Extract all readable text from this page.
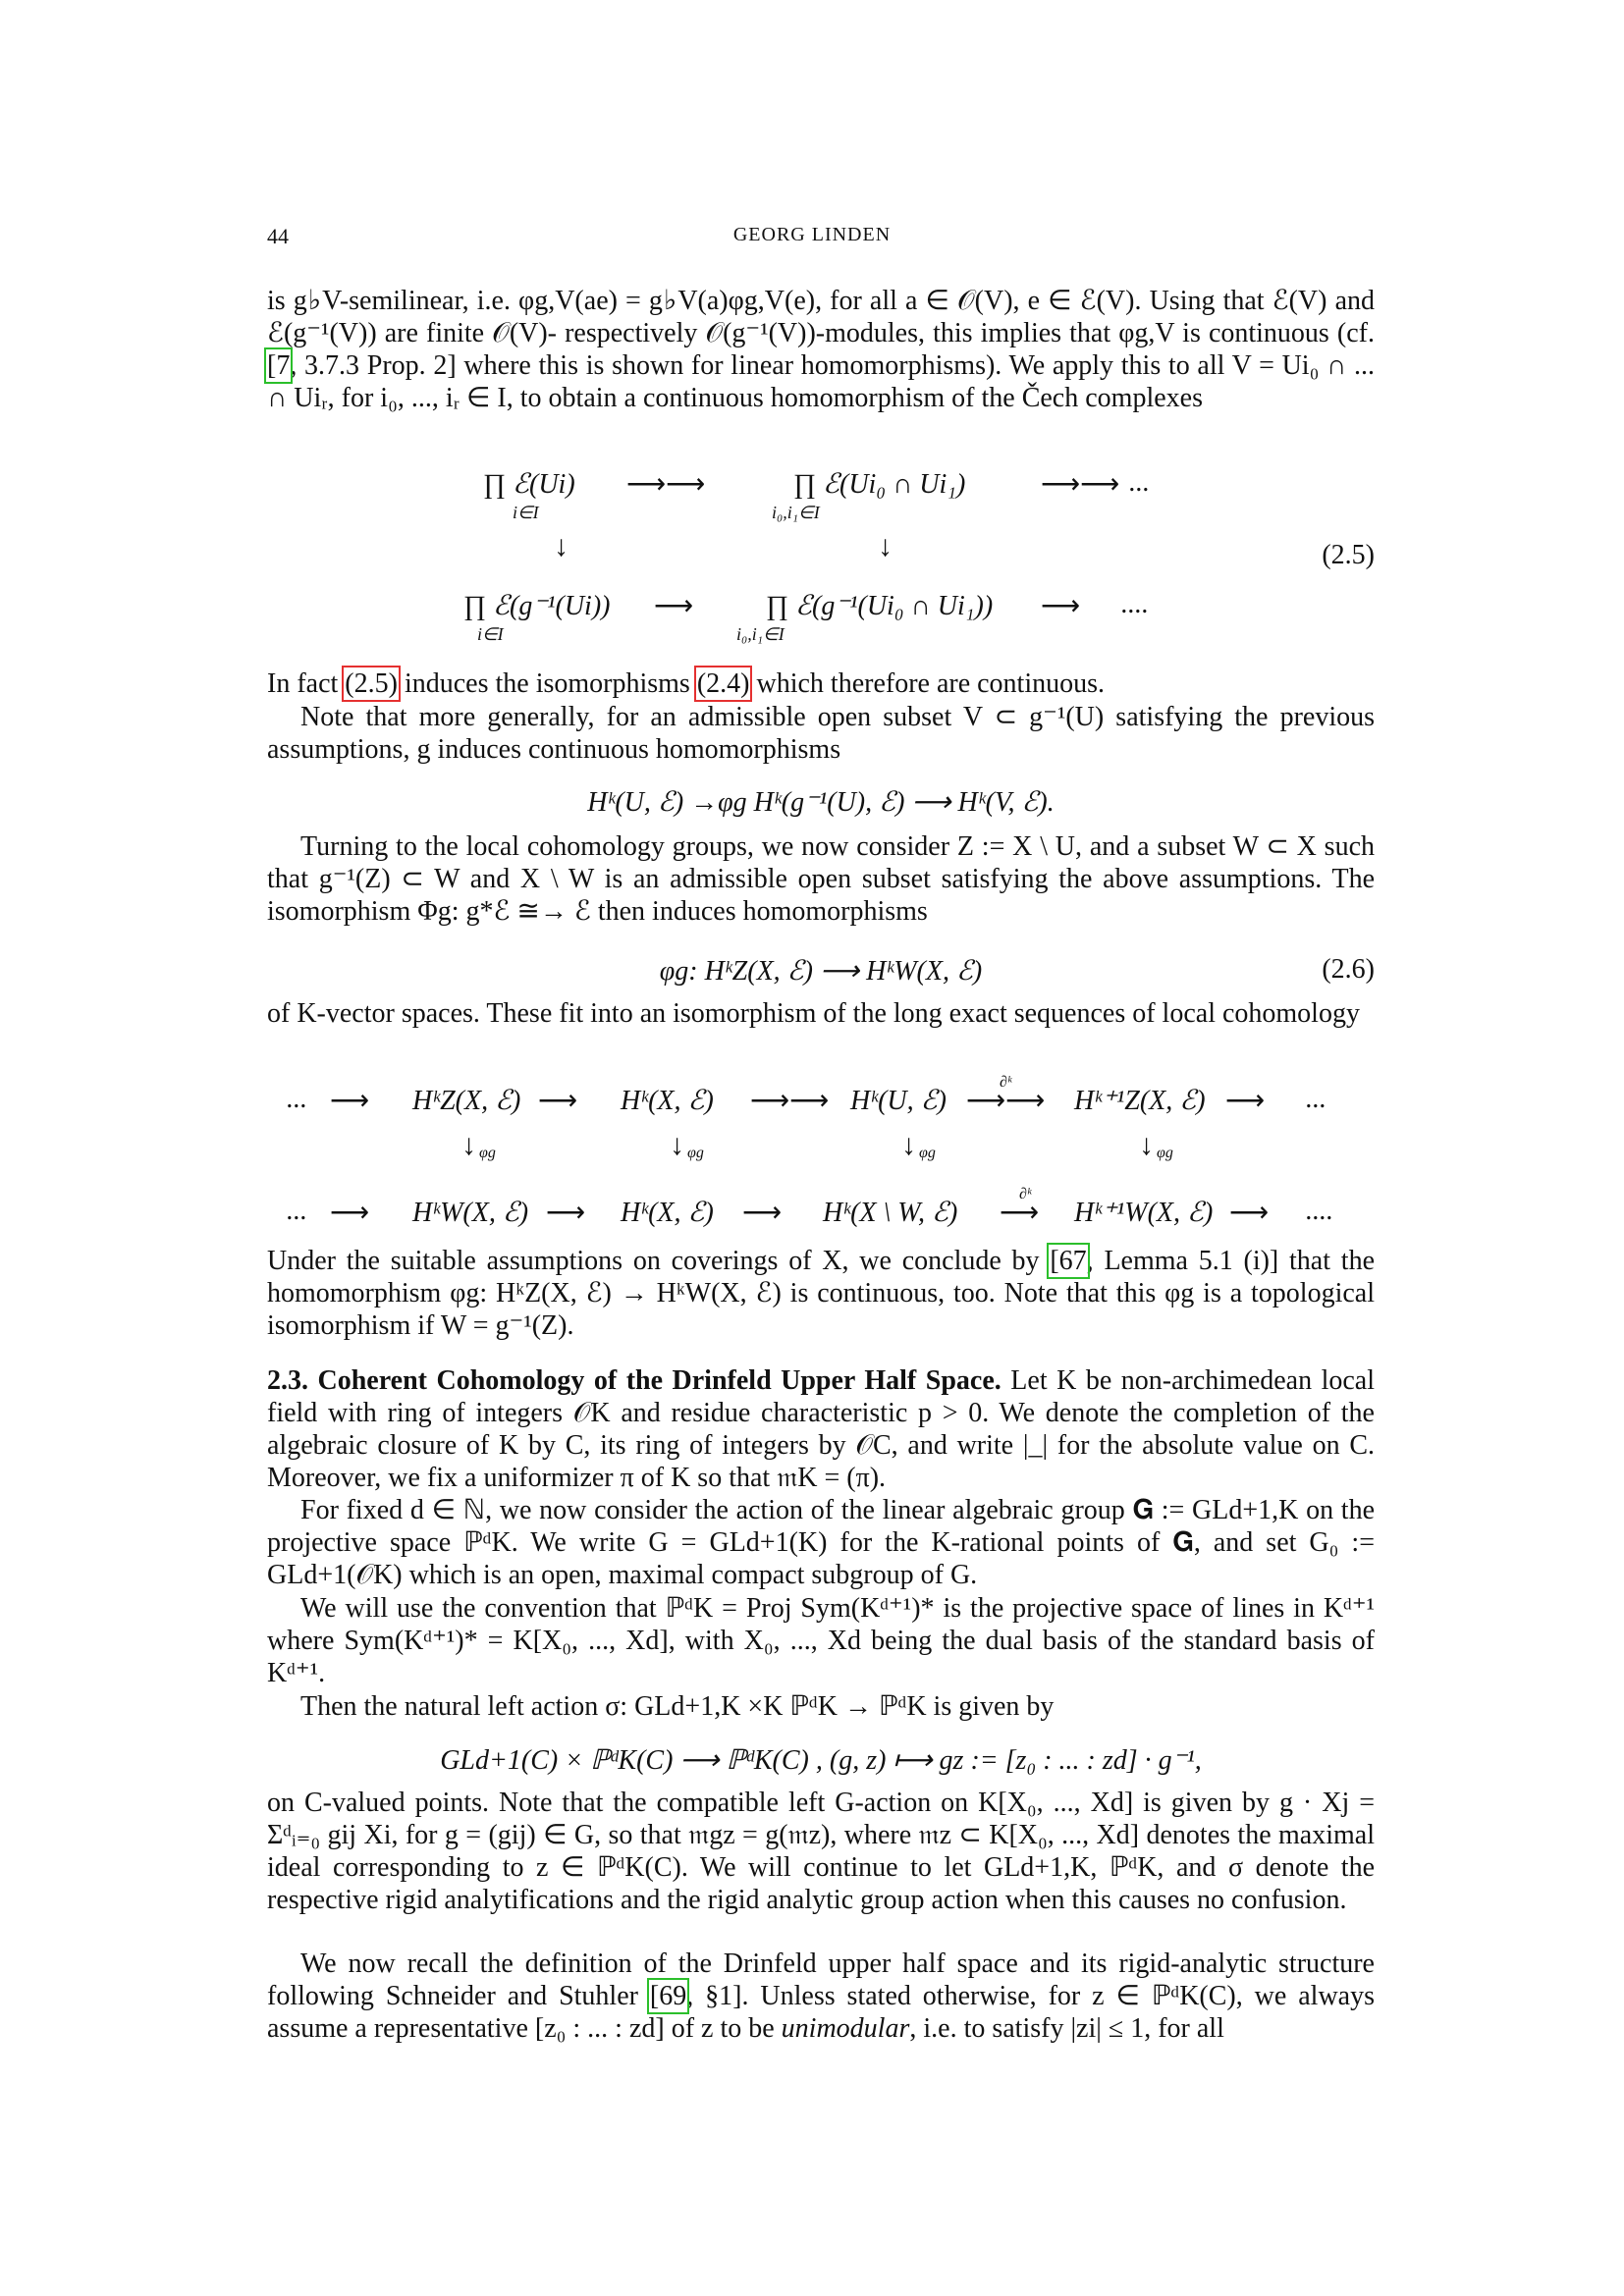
44	GEORG LINDEN
is g♭V-semilinear, i.e. φg,V(ae) = g♭V(a)φg,V(e), for all a ∈ 𝒪(V), e ∈ ℰ(V). Using that ℰ(V) and ℰ(g⁻¹(V)) are finite 𝒪(V)- respectively 𝒪(g⁻¹(V))-modules, this implies that φg,V is continuous (cf. [7, 3.7.3 Prop. 2] where this is shown for linear homomorphisms). We apply this to all V = Ui₀ ∩ ... ∩ Uiᵣ, for i₀, ..., iᵣ ∈ I, to obtain a continuous homomorphism of the Čech complexes
∏ ℰ(Ui)
i∈I
⟶⟶	∏ ℰ(Ui₀ ∩ Ui₁)
i₀,i₁∈I
⟶⟶ ...
↓	↓	(2.5)
∏ ℰ(g⁻¹(Ui))
i∈I
⟶	∏ ℰ(g⁻¹(Ui₀ ∩ Ui₁))
i₀,i₁∈I
⟶ ....
In fact (2.5) induces the isomorphisms (2.4) which therefore are continuous.
Note that more generally, for an admissible open subset V ⊂ g⁻¹(U) satisfying the previous assumptions, g induces continuous homomorphisms
Hᵏ(U, ℰ) →φg Hᵏ(g⁻¹(U), ℰ) ⟶ Hᵏ(V, ℰ).
Turning to the local cohomology groups, we now consider Z := X \ U, and a subset W ⊂ X such that g⁻¹(Z) ⊂ W and X \ W is an admissible open subset satisfying the above assumptions. The isomorphism Φg: g*ℰ ≅→ ℰ then induces homomorphisms
φg: HᵏZ(X, ℰ) ⟶ HᵏW(X, ℰ)	(2.6)
of K-vector spaces. These fit into an isomorphism of the long exact sequences of local cohomology
... ⟶ HᵏZ(X, ℰ) ⟶ Hᵏ(X, ℰ) ⟶⟶ Hᵏ(U, ℰ)
∂ᵏ
⟶⟶ Hᵏ⁺¹Z(X, ℰ) ⟶ ...
↓ φg	↓ φg	↓ φg	↓ φg
... ⟶ HᵏW(X, ℰ) ⟶ Hᵏ(X, ℰ) ⟶ Hᵏ(X \ W, ℰ)
∂ᵏ
⟶ Hᵏ⁺¹W(X, ℰ) ⟶ ....
Under the suitable assumptions on coverings of X, we conclude by [67, Lemma 5.1 (i)] that the homomorphism φg: HᵏZ(X, ℰ) → HᵏW(X, ℰ) is continuous, too. Note that this φg is a topological isomorphism if W = g⁻¹(Z).
2.3. Coherent Cohomology of the Drinfeld Upper Half Space. Let K be non-archimedean local field with ring of integers 𝒪K and residue characteristic p > 0. We denote the completion of the algebraic closure of K by C, its ring of integers by 𝒪C, and write |_| for the absolute value on C. Moreover, we fix a uniformizer π of K so that 𝔪K = (π).
For fixed d ∈ ℕ, we now consider the action of the linear algebraic group 𝐆 := GLd+1,K on the projective space ℙᵈK. We write G = GLd+1(K) for the K-rational points of 𝐆, and set G₀ := GLd+1(𝒪K) which is an open, maximal compact subgroup of G.
We will use the convention that ℙᵈK = Proj Sym(Kᵈ⁺¹)* is the projective space of lines in Kᵈ⁺¹ where Sym(Kᵈ⁺¹)* = K[X₀, ..., Xd], with X₀, ..., Xd being the dual basis of the standard basis of Kᵈ⁺¹.
Then the natural left action σ: GLd+1,K ×K ℙᵈK → ℙᵈK is given by
GLd+1(C) × ℙᵈK(C) ⟶ ℙᵈK(C) , (g, z) ⟼ gz := [z₀ : ... : zd] · g⁻¹,
on C-valued points. Note that the compatible left G-action on K[X₀, ..., Xd] is given by g · Xj = Σᵈᵢ₌₀ gij Xi, for g = (gij) ∈ G, so that 𝔪gz = g(𝔪z), where 𝔪z ⊂ K[X₀, ..., Xd] denotes the maximal ideal corresponding to z ∈ ℙᵈK(C). We will continue to let GLd+1,K, ℙᵈK, and σ denote the respective rigid analytifications and the rigid analytic group action when this causes no confusion.
We now recall the definition of the Drinfeld upper half space and its rigid-analytic structure following Schneider and Stuhler [69, §1]. Unless stated otherwise, for z ∈ ℙᵈK(C), we always assume a representative [z₀ : ... : zd] of z to be unimodular, i.e. to satisfy |zi| ≤ 1, for all
